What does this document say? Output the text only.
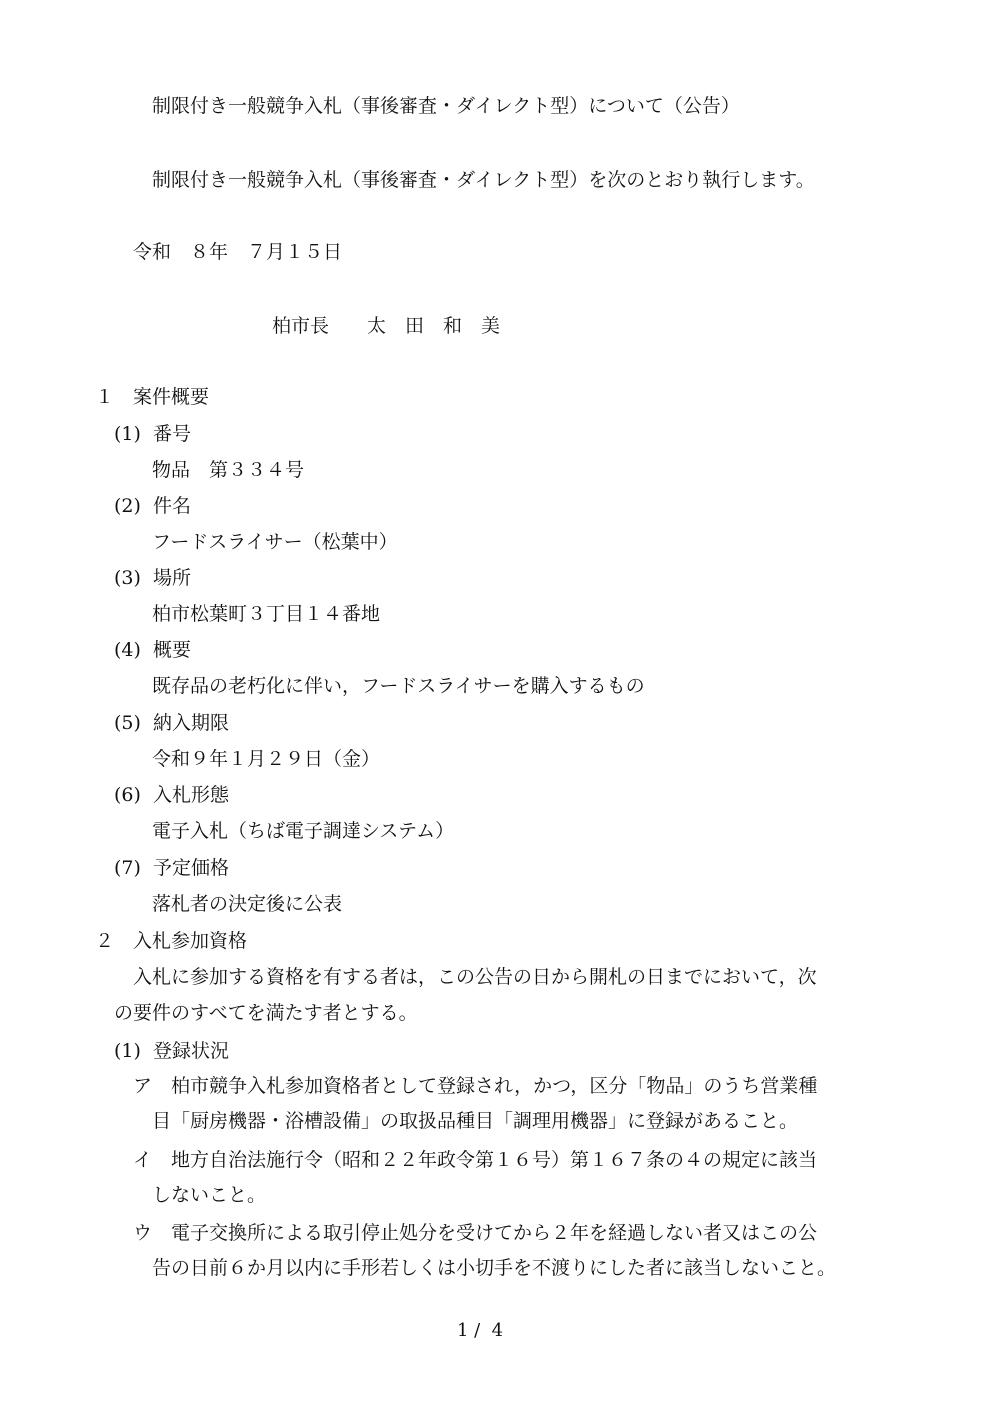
制限付き一般競争入札（事後審査・ダイレクト型）について（公告）
制限付き一般競争入札（事後審査・ダイレクト型）を次のとおり執行します。
令和　８年　７月１５日
柏市長　　太　田　和　美
１　案件概要
(1)  番号
物品　第３３４号
(2)  件名
フードスライサー（松葉中）
(3)  場所
柏市松葉町３丁目１４番地
(4)  概要
既存品の老朽化に伴い，フードスライサーを購入するもの
(5)  納入期限
令和９年１月２９日（金）
(6)  入札形態
電子入札（ちば電子調達システム）
(7)  予定価格
落札者の決定後に公表
２　入札参加資格
入札に参加する資格を有する者は，この公告の日から開札の日までにおいて，次
の要件のすべてを満たす者とする。
(1)  登録状況
ア　柏市競争入札参加資格者として登録され，かつ，区分「物品」のうち営業種
目「厨房機器・浴槽設備」の取扱品種目「調理用機器」に登録があること。
イ　地方自治法施行令（昭和２２年政令第１６号）第１６７条の４の規定に該当
しないこと。
ウ　電子交換所による取引停止処分を受けてから２年を経過しない者又はこの公
告の日前６か月以内に手形若しくは小切手を不渡りにした者に該当しないこと。
1 /  4
